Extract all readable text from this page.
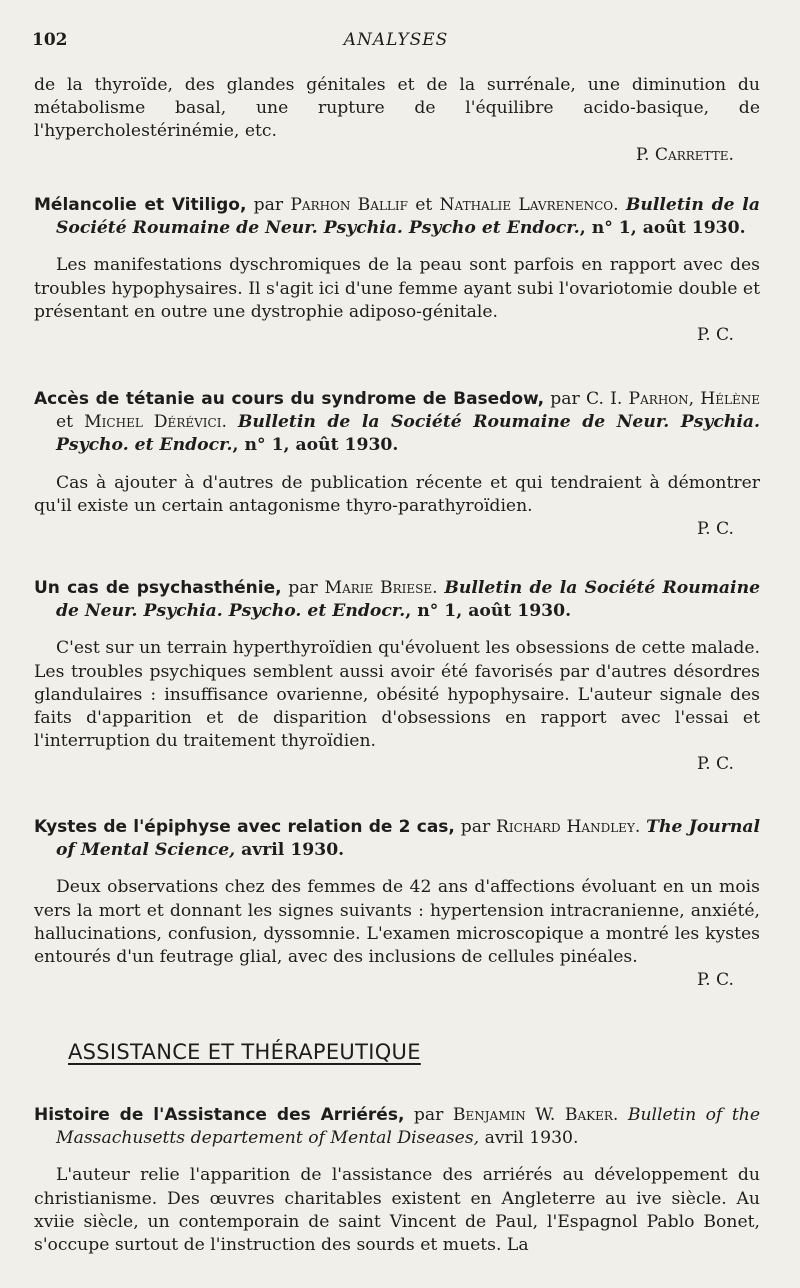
102	ANALYSES

de la thyroïde, des glandes génitales et de la surrénale, une diminution du métabolisme basal, une rupture de l'équilibre acido-basique, de l'hypercholestérinémie, etc.

P. Carrette.

Mélancolie et Vitiligo, par Parhon Ballif et Nathalie Lavrenenco. Bulletin de la Société Roumaine de Neur. Psychia. Psycho et Endocr., n° 1, août 1930.

Les manifestations dyschromiques de la peau sont parfois en rapport avec des troubles hypophysaires. Il s'agit ici d'une femme ayant subi l'ovariotomie double et présentant en outre une dystrophie adiposo-génitale.

P. C.

Accès de tétanie au cours du syndrome de Basedow, par C. I. Parhon, Hélène et Michel Dérévici. Bulletin de la Société Roumaine de Neur. Psychia. Psycho. et Endocr., n° 1, août 1930.

Cas à ajouter à d'autres de publication récente et qui tendraient à démontrer qu'il existe un certain antagonisme thyro-parathyroïdien.

P. C.

Un cas de psychasthénie, par Marie Briese. Bulletin de la Société Roumaine de Neur. Psychia. Psycho. et Endocr., n° 1, août 1930.

C'est sur un terrain hyperthyroïdien qu'évoluent les obsessions de cette malade. Les troubles psychiques semblent aussi avoir été favorisés par d'autres désordres glandulaires : insuffisance ovarienne, obésité hypophysaire. L'auteur signale des faits d'apparition et de disparition d'obsessions en rapport avec l'essai et l'interruption du traitement thyroïdien.

P. C.

Kystes de l'épiphyse avec relation de 2 cas, par Richard Handley. The Journal of Mental Science, avril 1930.

Deux observations chez des femmes de 42 ans d'affections évoluant en un mois vers la mort et donnant les signes suivants : hypertension intracranienne, anxiété, hallucinations, confusion, dyssomnie. L'examen microscopique a montré les kystes entourés d'un feutrage glial, avec des inclusions de cellules pinéales.

P. C.

ASSISTANCE ET THÉRAPEUTIQUE

Histoire de l'Assistance des Arriérés, par Benjamin W. Baker. Bulletin of the Massachusetts departement of Mental Diseases, avril 1930.

L'auteur relie l'apparition de l'assistance des arriérés au développement du christianisme. Des œuvres charitables existent en Angleterre au ive siècle. Au xviie siècle, un contemporain de saint Vincent de Paul, l'Espagnol Pablo Bonet, s'occupe surtout de l'instruction des sourds et muets. La
